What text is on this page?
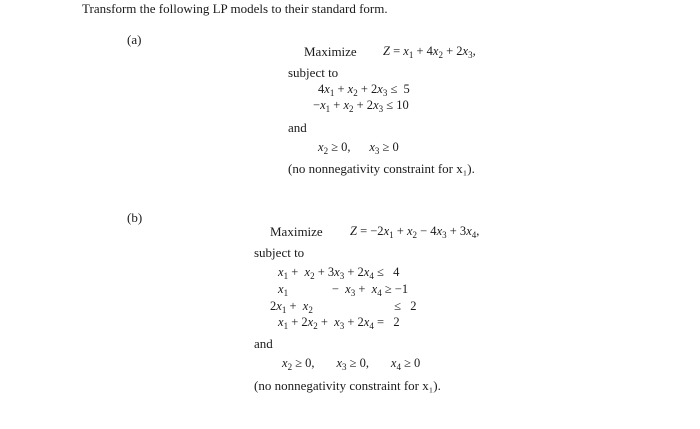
Transform the following LP models to their standard form.
(a)
Maximize $Z = x_1 + 4x_2 + 2x_3$,
subject to
$4x_1 + x_2 + 2x_3 \le 5$
$-x_1 + x_2 + 2x_3 \le 10$
and
$x_2 \ge 0$,      $x_3 \ge 0$
(no nonnegativity constraint for x₁).
(b)
Maximize $Z = -2x_1 + x_2 - 4x_3 + 3x_4$,
subject to
$x_1 + x_2 + 3x_3 + 2x_4 \le 4$
$x_1$              −  $x_3 + x_4 \ge -1$
$2x_1 + x_2$                          ≤   2
$x_1 + 2x_2 + x_3 + 2x_4 = 2$
and
$x_2 \ge 0$,       $x_3 \ge 0$,       $x_4 \ge 0$
(no nonnegativity constraint for x₁).
